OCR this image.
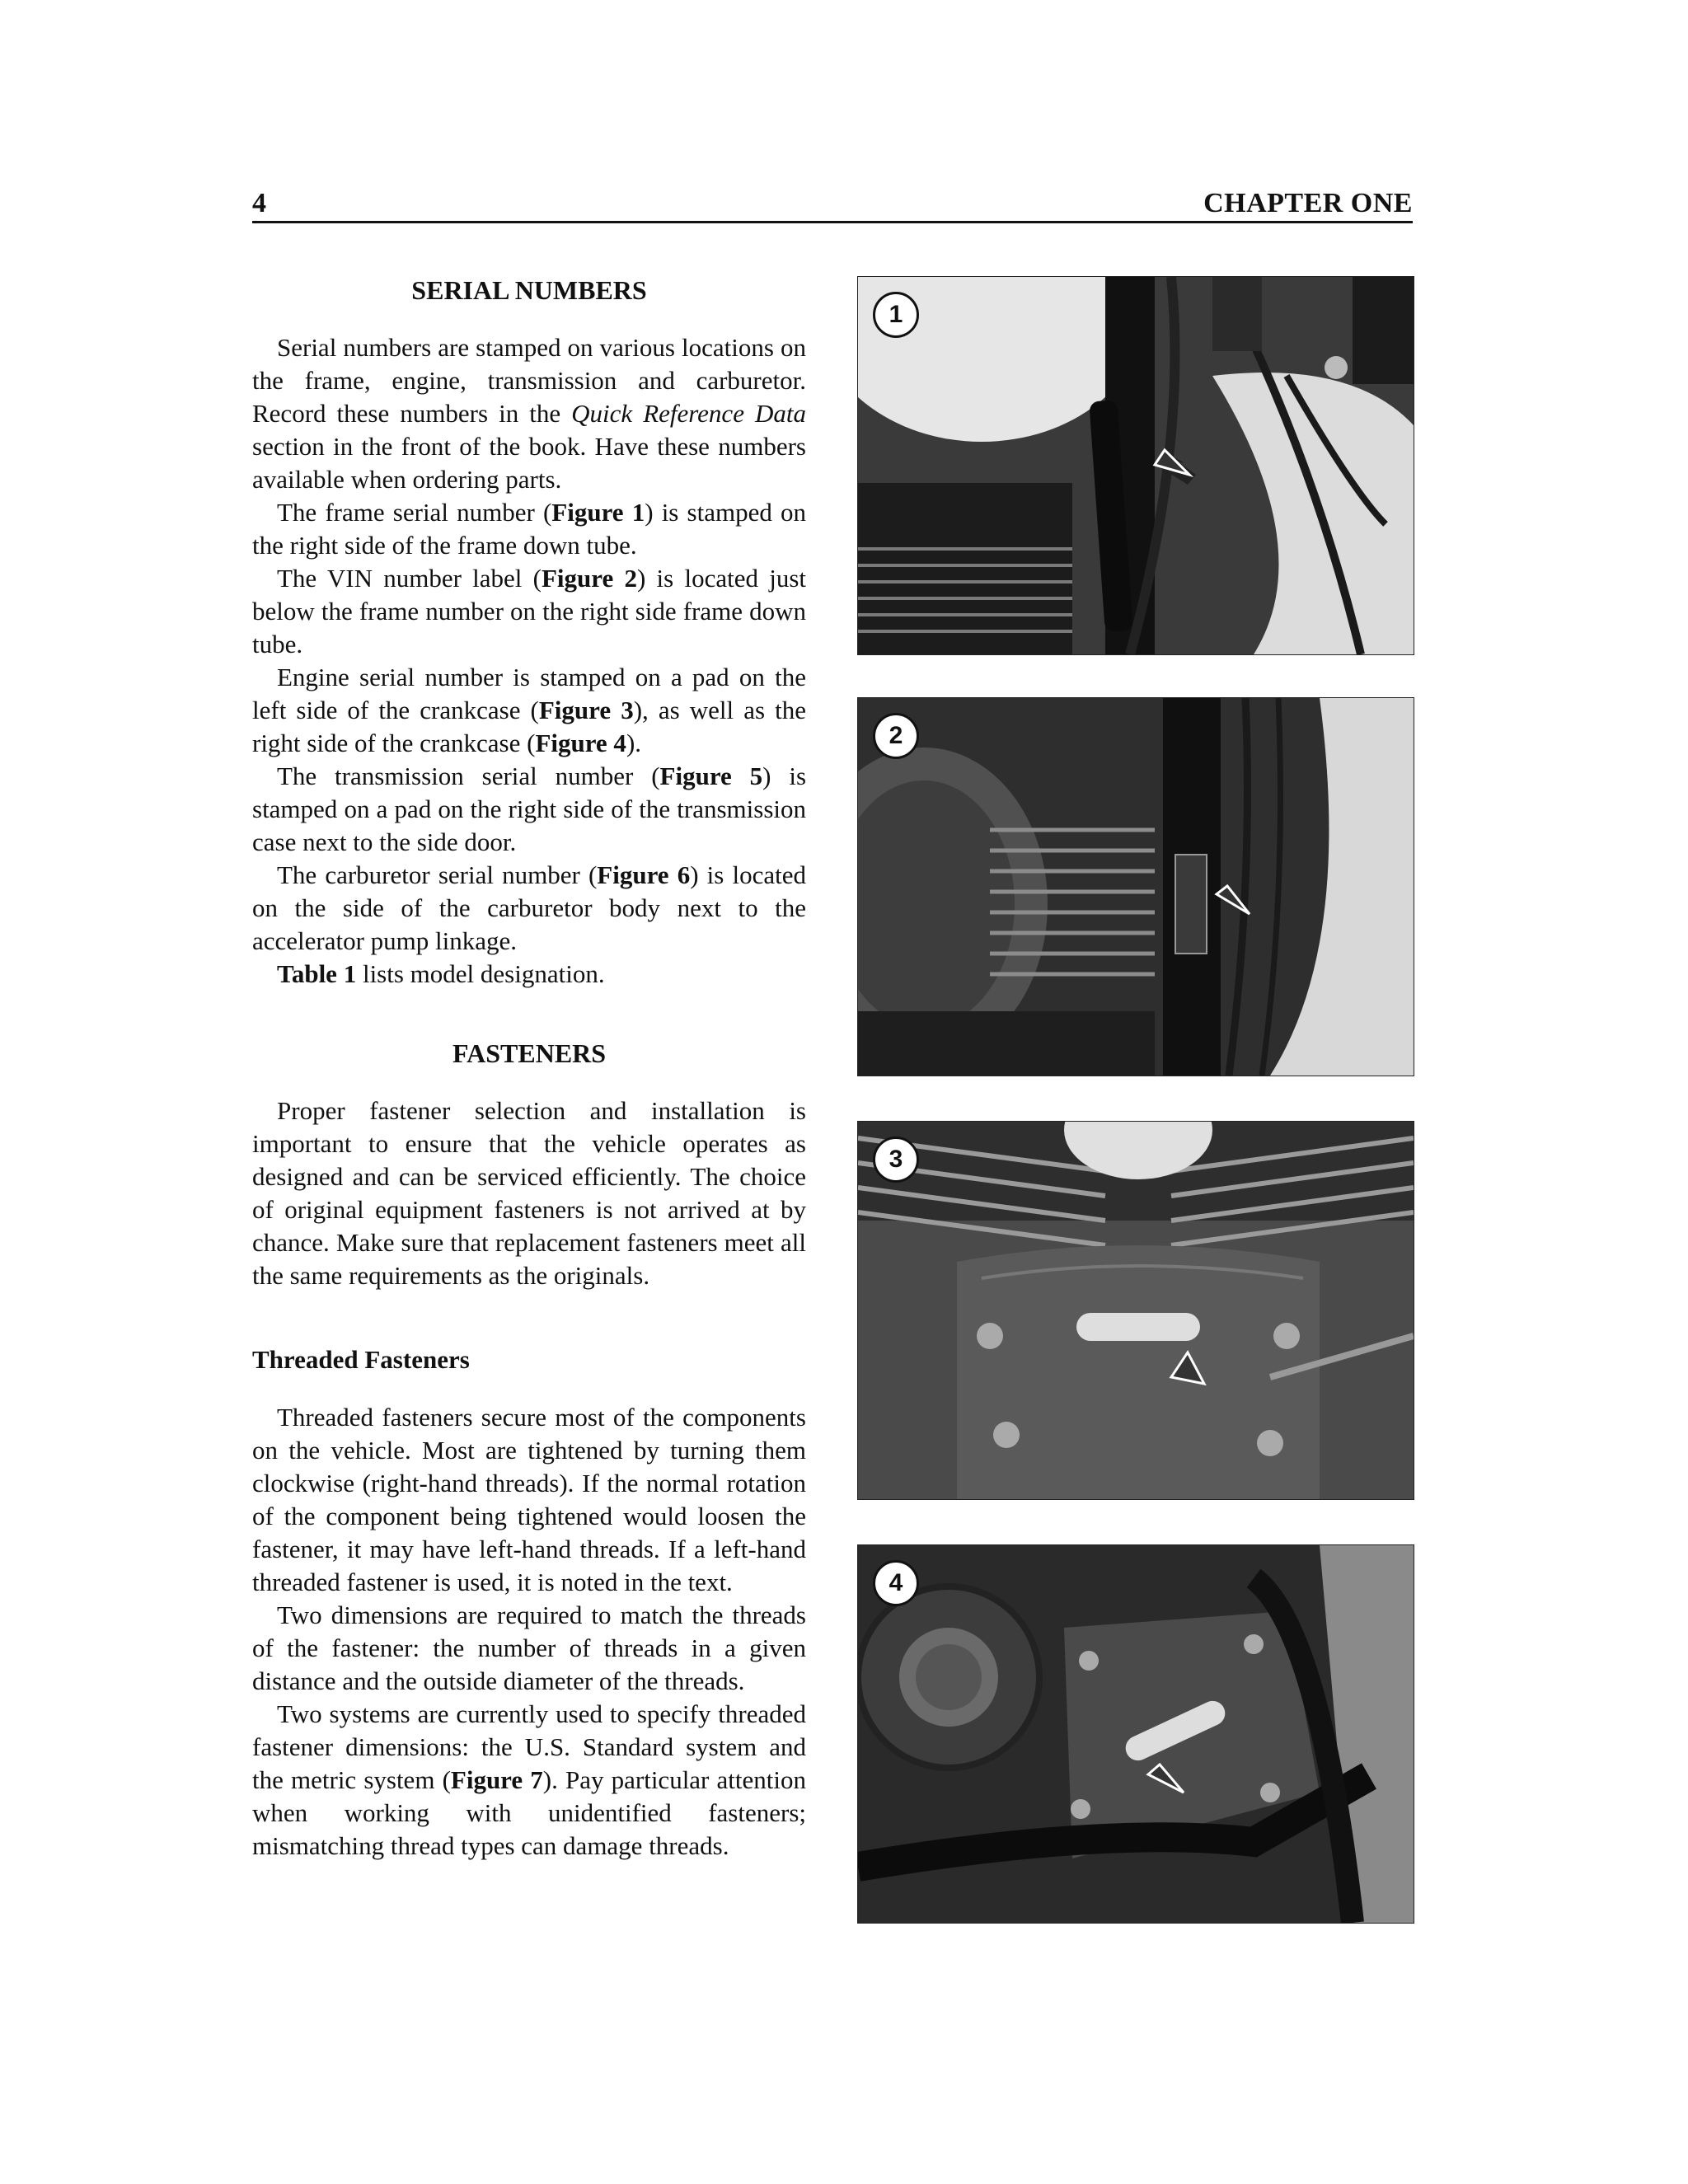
4	CHAPTER ONE
SERIAL NUMBERS

Serial numbers are stamped on various locations on the frame, engine, transmission and carburetor. Record these numbers in the Quick Reference Data section in the front of the book. Have these numbers available when ordering parts.

The frame serial number (Figure 1) is stamped on the right side of the frame down tube.

The VIN number label (Figure 2) is located just below the frame number on the right side frame down tube.

Engine serial number is stamped on a pad on the left side of the crankcase (Figure 3), as well as the right side of the crankcase (Figure 4).

The transmission serial number (Figure 5) is stamped on a pad on the right side of the transmission case next to the side door.

The carburetor serial number (Figure 6) is located on the side of the carburetor body next to the accelerator pump linkage.

Table 1 lists model designation.

FASTENERS

Proper fastener selection and installation is important to ensure that the vehicle operates as designed and can be serviced efficiently. The choice of original equipment fasteners is not arrived at by chance. Make sure that replacement fasteners meet all the same requirements as the originals.

Threaded Fasteners

Threaded fasteners secure most of the components on the vehicle. Most are tightened by turning them clockwise (right-hand threads). If the normal rotation of the component being tightened would loosen the fastener, it may have left-hand threads. If a left-hand threaded fastener is used, it is noted in the text.

Two dimensions are required to match the threads of the fastener: the number of threads in a given distance and the outside diameter of the threads.

Two systems are currently used to specify threaded fastener dimensions: the U.S. Standard system and the metric system (Figure 7). Pay particular attention when working with unidentified fasteners; mismatching thread types can damage threads.

1
2
3
4
